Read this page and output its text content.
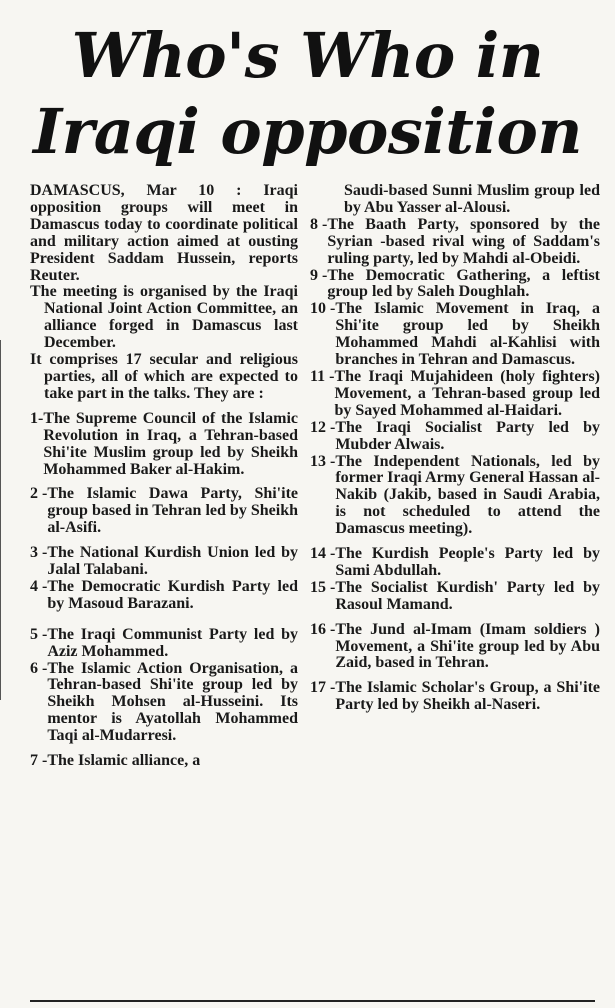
Who's Who in
Iraqi opposition

DAMASCUS, Mar 10 : Iraqi opposition groups will meet in Damascus today to coordinate political and military action aimed at ousting President Saddam Hussein, reports Reuter.

The meeting is organised by the Iraqi National Joint Action Committee, an alliance forged in Damascus last December.

It comprises 17 secular and religious parties, all of which are expected to take part in the talks. They are :

1- The Supreme Council of the Islamic Revolution in Iraq, a Tehran-based Shi'ite Muslim group led by Sheikh Mohammed Baker al-Hakim.
2 - The Islamic Dawa Party, Shi'ite group based in Tehran led by Sheikh al-Asifi.
3 - The National Kurdish Union led by Jalal Talabani.
4 - The Democratic Kurdish Party led by Masoud Barazani.
5 - The Iraqi Communist Party led by Aziz Mohammed.
6 - The Islamic Action Organisation, a Tehran-based Shi'ite group led by Sheikh Mohsen al-Husseini. Its mentor is Ayatollah Mohammed Taqi al-Mudarresi.
7 - The Islamic alliance, a

Saudi-based Sunni Muslim group led by Abu Yasser al-Alousi.

8 - The Baath Party, sponsored by the Syrian -based rival wing of Saddam's ruling party, led by Mahdi al-Obeidi.
9 - The Democratic Gathering, a leftist group led by Saleh Doughlah.
10 - The Islamic Movement in Iraq, a Shi'ite group led by Sheikh Mohammed Mahdi al-Kahlisi with branches in Tehran and Damascus.
11 - The Iraqi Mujahideen (holy fighters) Movement, a Tehran-based group led by Sayed Mohammed al-Haidari.
12 - The Iraqi Socialist Party led by Mubder Alwais.
13 - The Independent Nationals, led by former Iraqi Army General Hassan al-Nakib (Jakib, based in Saudi Arabia, is not scheduled to attend the Damascus meeting).
14 - The Kurdish People's Party led by Sami Abdullah.
15 - The Socialist Kurdish' Party led by Rasoul Mamand.
16 - The Jund al-Imam (Imam soldiers ) Movement, a Shi'ite group led by Abu Zaid, based in Tehran.
17 - The Islamic Scholar's Group, a Shi'ite Party led by Sheikh al-Naseri.
